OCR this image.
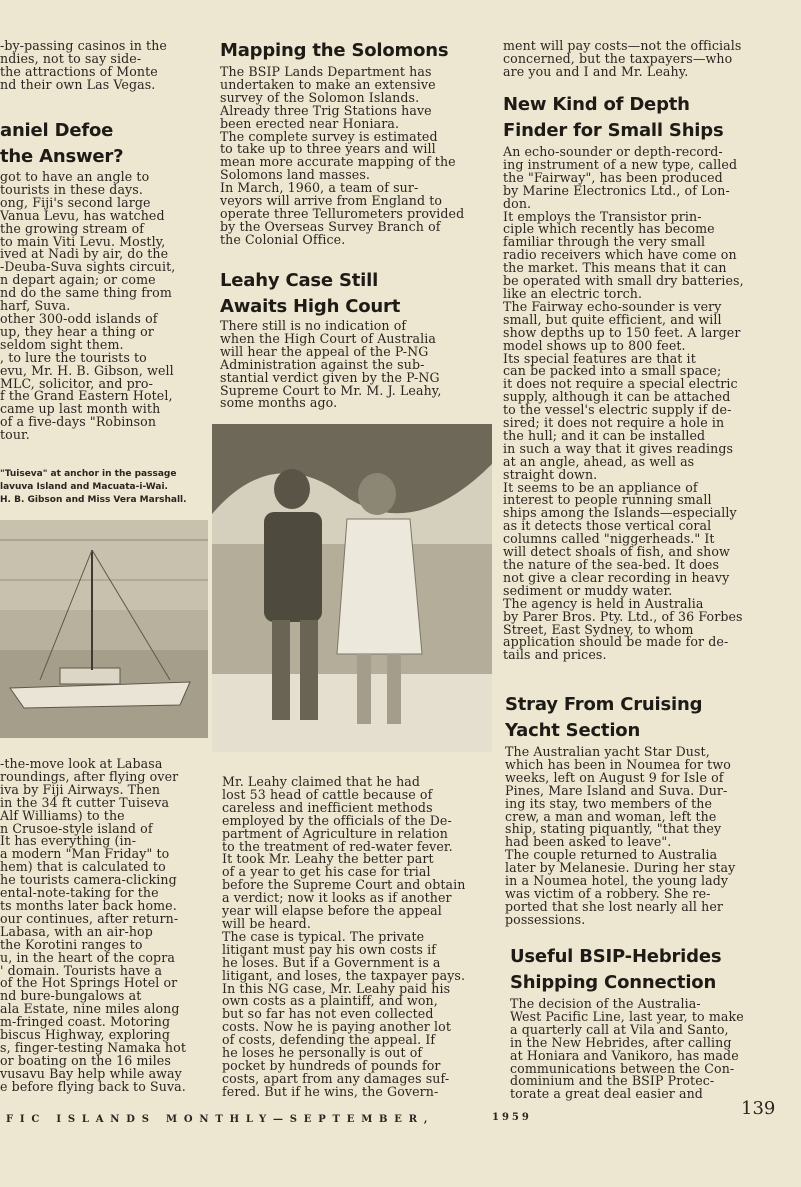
-by-passing casinos in the
ndies, not to say side-
the attractions of Monte
nd their own Las Vegas.
aniel Defoe
the Answer?
got to have an angle to
tourists in these days.
ong, Fiji's second large
Vanua Levu, has watched
the growing stream of
to main Viti Levu. Mostly,
ived at Nadi by air, do the
-Deuba-Suva sights circuit,
n depart again; or come
nd do the same thing from
harf, Suva.
other 300-odd islands of
up, they hear a thing or
seldom sight them.
, to lure the tourists to
evu, Mr. H. B. Gibson, well
MLC, solicitor, and pro-
f the Grand Eastern Hotel,
came up last month with
of a five-days "Robinson
tour.
"Tuiseva" at anchor in the passage
lavuva Island and Macuata-i-Wai.
H. B. Gibson and Miss Vera Marshall.
-the-move look at Labasa
roundings, after flying over
iva by Fiji Airways. Then
in the 34 ft cutter Tuiseva
Alf Williams) to the
n Crusoe-style island of
It has everything (in-
a modern "Man Friday" to
hem) that is calculated to
he tourists camera-clicking
ental-note-taking for the
ts months later back home.
our continues, after return-
Labasa, with an air-hop
the Korotini ranges to
u, in the heart of the copra
' domain. Tourists have a
of the Hot Springs Hotel or
nd bure-bungalows at
ala Estate, nine miles along
m-fringed coast. Motoring
biscus Highway, exploring
s, finger-testing Namaka hot
or boating on the 16 miles
vusavu Bay help while away
e before flying back to Suva.
Mapping the Solomons
The BSIP Lands Department has
undertaken to make an extensive
survey of the Solomon Islands.
Already three Trig Stations have
been erected near Honiara.
The complete survey is estimated
to take up to three years and will
mean more accurate mapping of the
Solomons land masses.
In March, 1960, a team of sur-
veyors will arrive from England to
operate three Tellurometers provided
by the Overseas Survey Branch of
the Colonial Office.
Leahy Case Still
Awaits High Court
There still is no indication of
when the High Court of Australia
will hear the appeal of the P-NG
Administration against the sub-
stantial verdict given by the P-NG
Supreme Court to Mr. M. J. Leahy,
some months ago.
Mr. Leahy claimed that he had
lost 53 head of cattle because of
careless and inefficient methods
employed by the officials of the De-
partment of Agriculture in relation
to the treatment of red-water fever.
It took Mr. Leahy the better part
of a year to get his case for trial
before the Supreme Court and obtain
a verdict; now it looks as if another
year will elapse before the appeal
will be heard.
The case is typical. The private
litigant must pay his own costs if
he loses. But if a Government is a
litigant, and loses, the taxpayer pays.
In this NG case, Mr. Leahy paid his
own costs as a plaintiff, and won,
but so far has not even collected
costs. Now he is paying another lot
of costs, defending the appeal. If
he loses he personally is out of
pocket by hundreds of pounds for
costs, apart from any damages suf-
fered. But if he wins, the Govern-
ment will pay costs—not the officials
concerned, but the taxpayers—who
are you and I and Mr. Leahy.
New Kind of Depth
Finder for Small Ships
An echo-sounder or depth-record-
ing instrument of a new type, called
the "Fairway", has been produced
by Marine Electronics Ltd., of Lon-
don.
It employs the Transistor prin-
ciple which recently has become
familiar through the very small
radio receivers which have come on
the market. This means that it can
be operated with small dry batteries,
like an electric torch.
The Fairway echo-sounder is very
small, but quite efficient, and will
show depths up to 150 feet. A larger
model shows up to 800 feet.
Its special features are that it
can be packed into a small space;
it does not require a special electric
supply, although it can be attached
to the vessel's electric supply if de-
sired; it does not require a hole in
the hull; and it can be installed
in such a way that it gives readings
at an angle, ahead, as well as
straight down.
It seems to be an appliance of
interest to people running small
ships among the Islands—especially
as it detects those vertical coral
columns called "niggerheads." It
will detect shoals of fish, and show
the nature of the sea-bed. It does
not give a clear recording in heavy
sediment or muddy water.
The agency is held in Australia
by Parer Bros. Pty. Ltd., of 36 Forbes
Street, East Sydney, to whom
application should be made for de-
tails and prices.
Stray From Cruising
Yacht Section
The Australian yacht Star Dust,
which has been in Noumea for two
weeks, left on August 9 for Isle of
Pines, Mare Island and Suva. Dur-
ing its stay, two members of the
crew, a man and woman, left the
ship, stating piquantly, "that they
had been asked to leave".
The couple returned to Australia
later by Melanesie. During her stay
in a Noumea hotel, the young lady
was victim of a robbery. She re-
ported that she lost nearly all her
possessions.
Useful BSIP-Hebrides
Shipping Connection
The decision of the Australia-
West Pacific Line, last year, to make
a quarterly call at Vila and Santo,
in the New Hebrides, after calling
at Honiara and Vanikoro, has made
communications between the Con-
dominium and the BSIP Protec-
torate a great deal easier and
FIC ISLANDS MONTHLY—SEPTEMBER,	1959	139
